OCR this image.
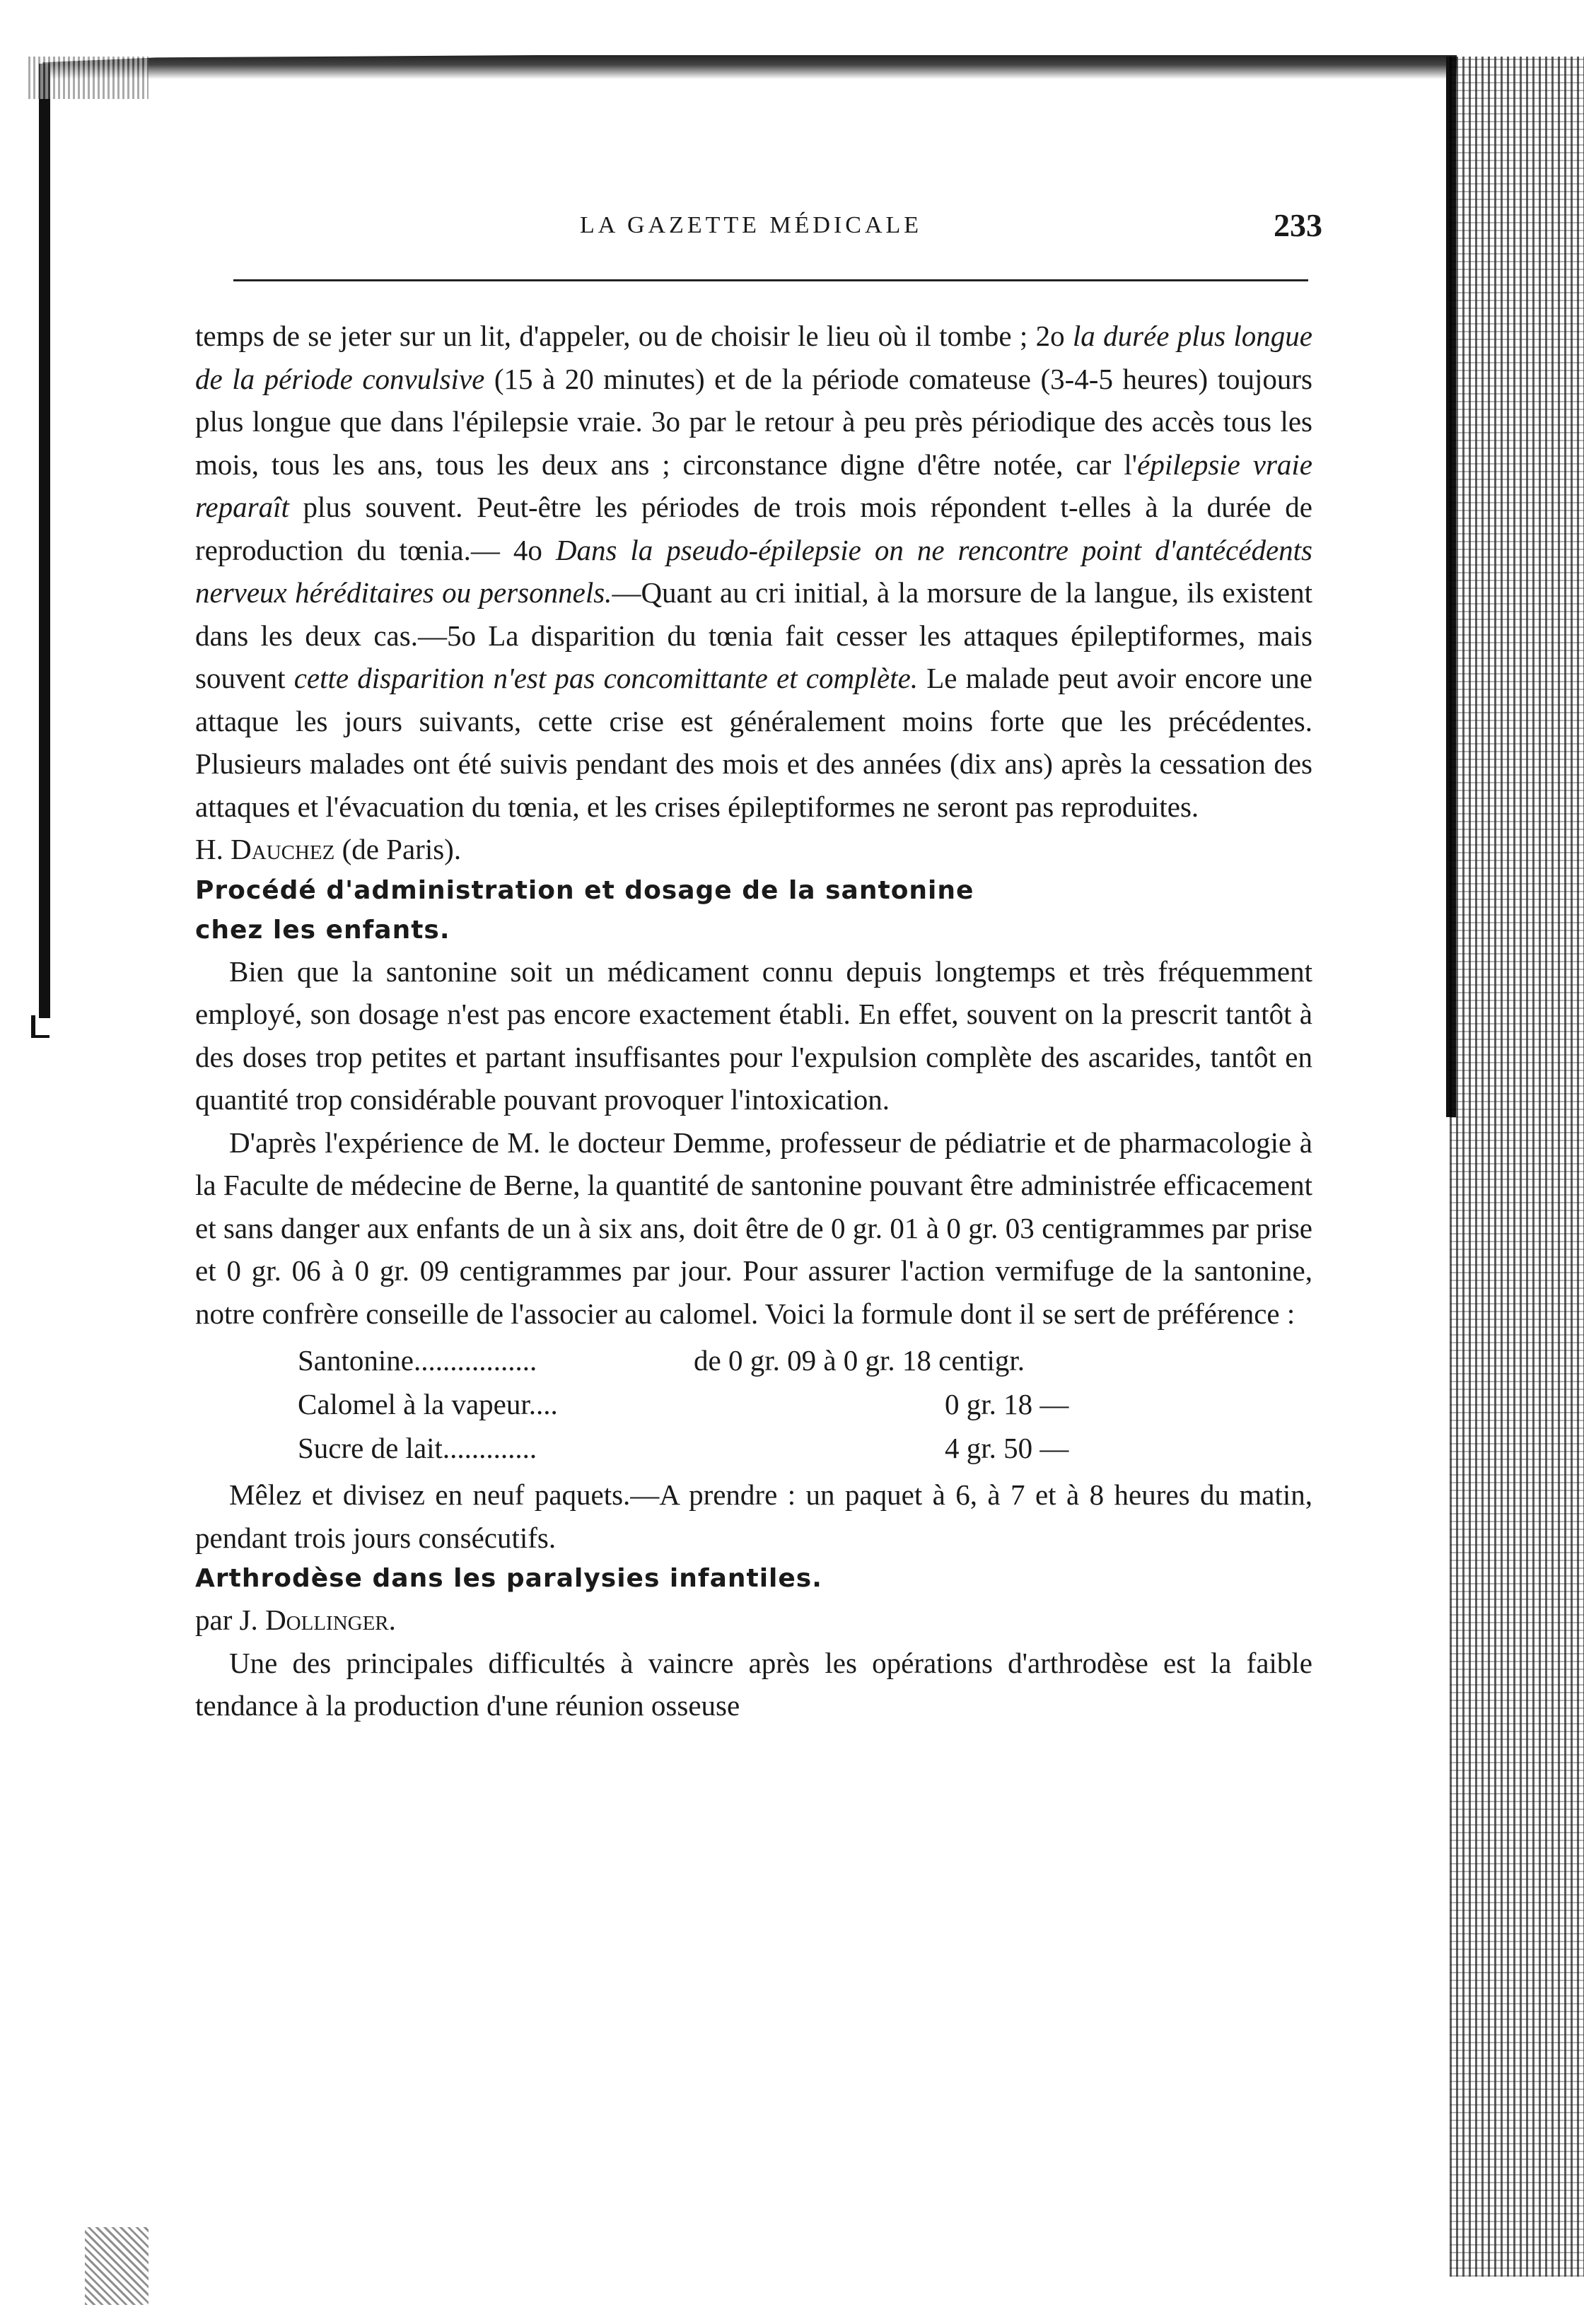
LA GAZETTE MÉDICALE	233

temps de se jeter sur un lit, d'appeler, ou de choisir le lieu où il tombe ; 2o la durée plus longue de la période convulsive (15 à 20 minutes) et de la période comateuse (3-4-5 heures) toujours plus longue que dans l'épilepsie vraie. 3o par le retour à peu près périodique des accès tous les mois, tous les ans, tous les deux ans ; circonstance digne d'être notée, car l'épilepsie vraie reparaît plus souvent. Peut-être les périodes de trois mois répondent t-elles à la durée de reproduction du tœnia.— 4o Dans la pseudo-épilepsie on ne rencontre point d'antécédents nerveux héréditaires ou personnels.—Quant au cri initial, à la morsure de la langue, ils existent dans les deux cas.—5o La disparition du tœnia fait cesser les attaques épileptiformes, mais souvent cette disparition n'est pas concomittante et complète. Le malade peut avoir encore une attaque les jours suivants, cette crise est généralement moins forte que les précédentes. Plusieurs malades ont été suivis pendant des mois et des années (dix ans) après la cessation des attaques et l'évacuation du tœnia, et les crises épileptiformes ne seront pas reproduites.

H. Dauchez (de Paris).

Procédé d'administration et dosage de la santonine

chez les enfants.

Bien que la santonine soit un médicament connu depuis longtemps et très fréquemment employé, son dosage n'est pas encore exactement établi. En effet, souvent on la prescrit tantôt à des doses trop petites et partant insuffisantes pour l'expulsion complète des ascarides, tantôt en quantité trop considérable pouvant provoquer l'intoxication.

D'après l'expérience de M. le docteur Demme, professeur de pédiatrie et de pharmacologie à la Faculte de médecine de Berne, la quantité de santonine pouvant être administrée efficacement et sans danger aux enfants de un à six ans, doit être de 0 gr. 01 à 0 gr. 03 centigrammes par prise et 0 gr. 06 à 0 gr. 09 centigrammes par jour. Pour assurer l'action vermifuge de la santonine, notre confrère conseille de l'associer au calomel. Voici la formule dont il se sert de préférence :

Santonine.................	de 0 gr. 09 à 0 gr. 18 centigr.
Calomel à la vapeur....	0 gr. 18 —
Sucre de lait.............	4 gr. 50 —

Mêlez et divisez en neuf paquets.—A prendre : un paquet à 6, à 7 et à 8 heures du matin, pendant trois jours consécutifs.

Arthrodèse dans les paralysies infantiles.

par J. Dollinger.

Une des principales difficultés à vaincre après les opérations d'arthrodèse est la faible tendance à la production d'une réunion osseuse
